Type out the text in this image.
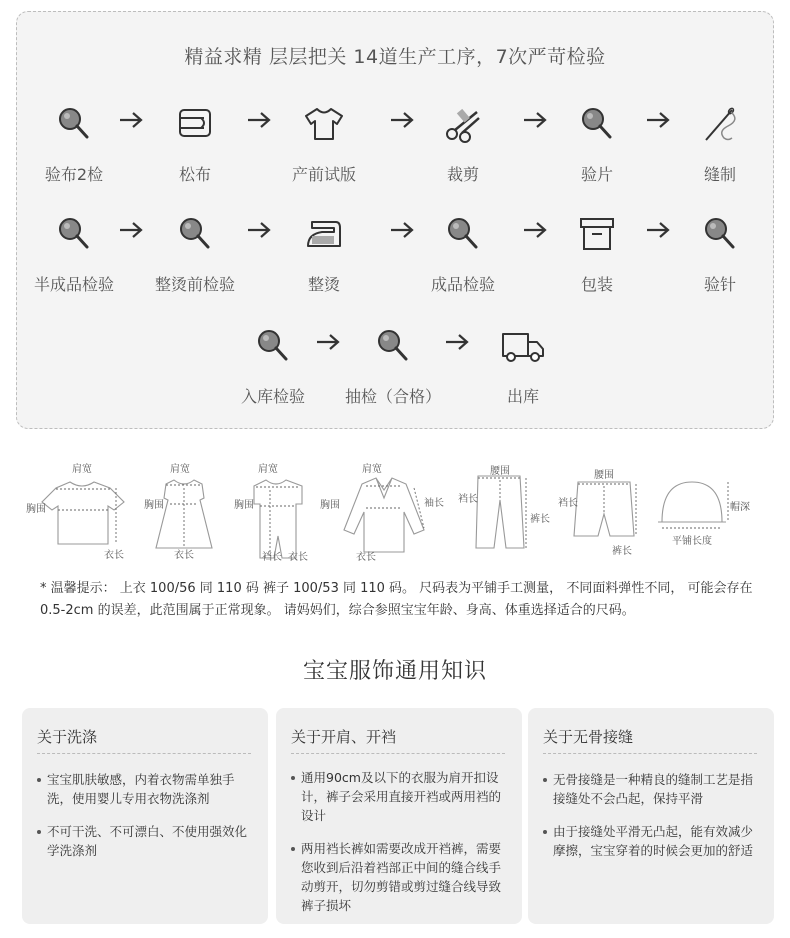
精益求精 层层把关 14道生产工序，7次严苛检验
验布2检	松布	产前试版	裁剪	验片	缝制
半成品检验	整烫前检验	整烫	成品检验	包装	验针
入库检验	抽检（合格）	出库
肩宽
胸围
衣长
肩宽
胸围
衣长
肩宽
胸围
裆长 衣长
肩宽
胸围	袖长
衣长
腰围
裆长
裤长
腰围
裆长
裤长
平铺长度
帽深
* 温馨提示： 上衣 100/56 同 110 码 裤子 100/53 同 110 码。 尺码表为平铺手工测量， 不同面料弹性不同， 可能会存在 0.5-2cm 的误差，此范围属于正常现象。 请妈妈们，综合参照宝宝年龄、身高、体重选择适合的尺码。
宝宝服饰通用知识
关于洗涤
宝宝肌肤敏感，内着衣物需单独手洗，使用婴儿专用衣物洗涤剂
不可干洗、不可漂白、不使用强效化学洗涤剂
关于开肩、开裆
通用90cm及以下的衣服为肩开扣设计，裤子会采用直接开裆或两用裆的设计
两用裆长裤如需要改成开裆裤，需要您收到后沿着裆部正中间的缝合线手动剪开，切勿剪错或剪过缝合线导致裤子损坏
关于无骨接缝
无骨接缝是一种精良的缝制工艺是指接缝处不会凸起，保持平滑
由于接缝处平滑无凸起，能有效减少摩擦，宝宝穿着的时候会更加的舒适
